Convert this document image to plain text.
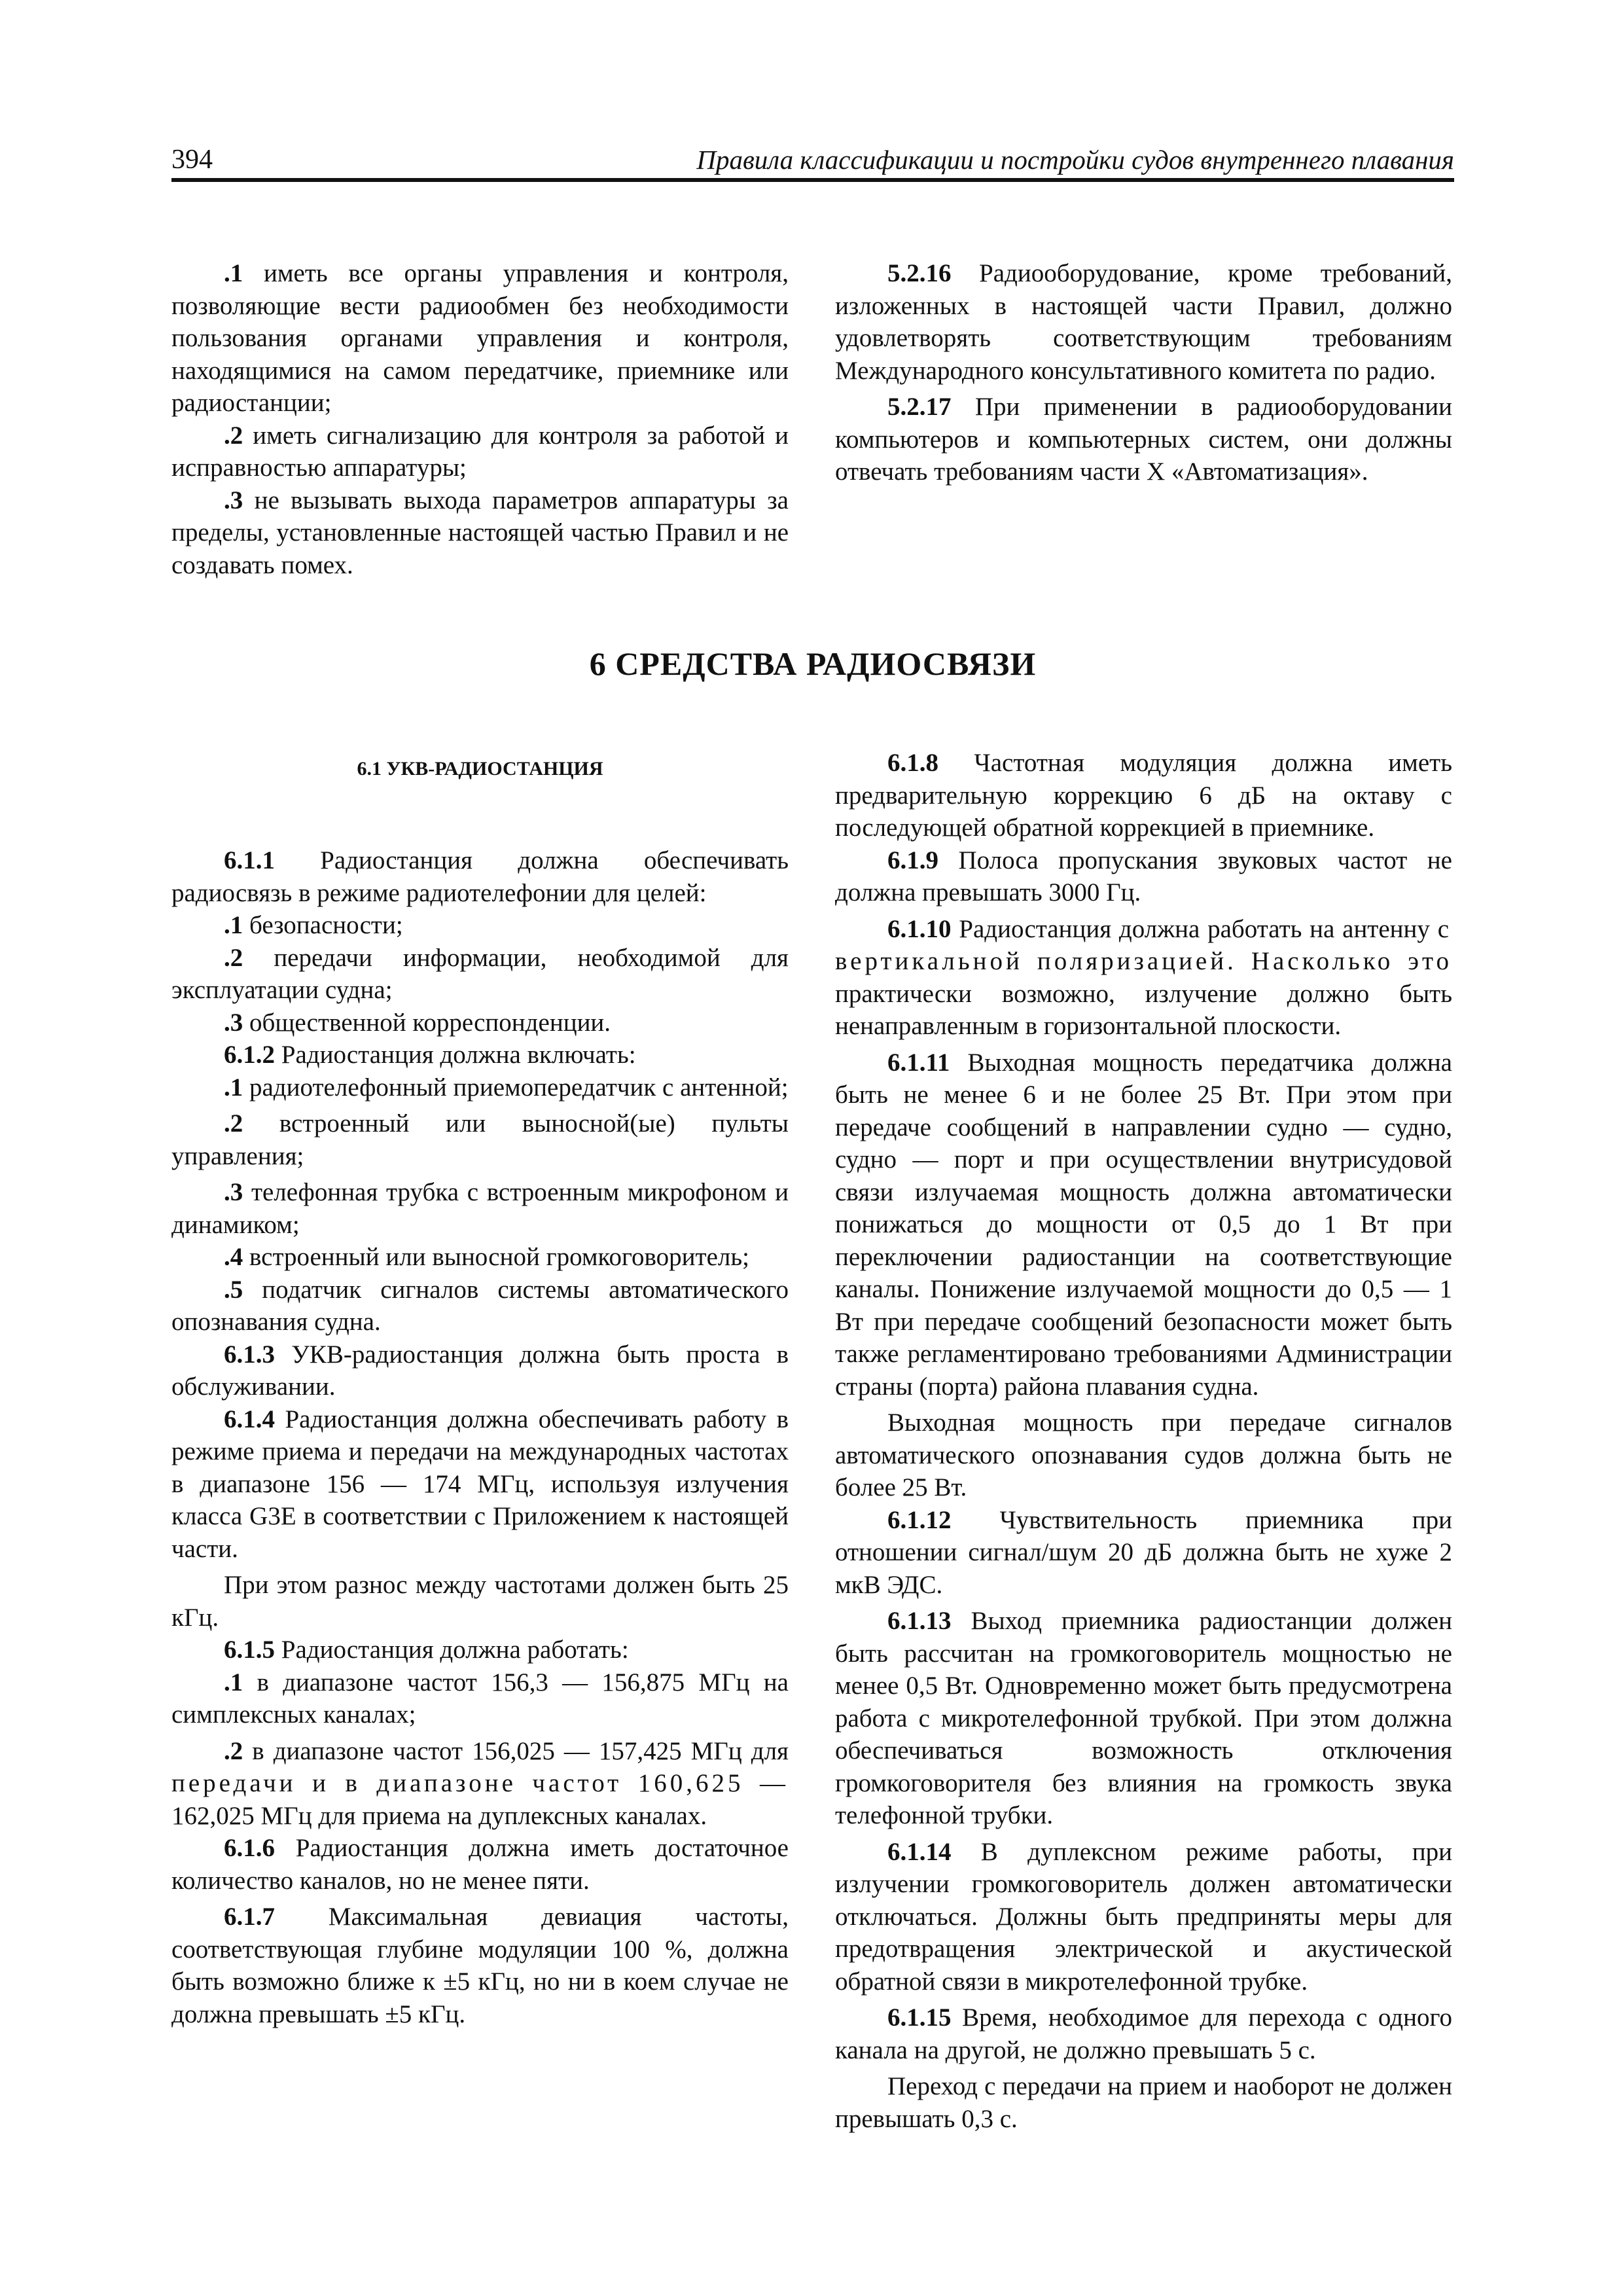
394	Правила классификации и постройки судов внутреннего плавания

.1 иметь все органы управления и контроля, позволяющие вести радиообмен без необходимости пользования органами управления и контроля, находящимися на самом передатчике, приемнике или радиостанции;

.2 иметь сигнализацию для контроля за работой и исправностью аппаратуры;

.3 не вызывать выхода параметров аппаратуры за пределы, установленные настоящей частью Правил и не создавать помех.

5.2.16 Радиооборудование, кроме требований, изложенных в настоящей части Правил, должно удовлетворять соответствующим требованиям Международного консультативного комитета по радио.

5.2.17 При применении в радиооборудовании компьютеров и компьютерных систем, они должны отвечать требованиям части X «Автоматизация».

6 СРЕДСТВА РАДИОСВЯЗИ
6.1 УКВ-РАДИОСТАНЦИЯ

6.1.1 Радиостанция должна обеспечивать радиосвязь в режиме радиотелефонии для целей:

.1 безопасности;

.2 передачи информации, необходимой для эксплуатации судна;

.3 общественной корреспонденции.

6.1.2 Радиостанция должна включать:

.1 радиотелефонный приемопередатчик с антенной;

.2 встроенный или выносной(ые) пульты управления;

.3 телефонная трубка с встроенным микрофоном и динамиком;

.4 встроенный или выносной громкоговоритель;

.5 податчик сигналов системы автоматического опознавания судна.

6.1.3 УКВ-радиостанция должна быть проста в обслуживании.

6.1.4 Радиостанция должна обеспечивать работу в режиме приема и передачи на международных частотах в диапазоне 156 — 174 МГц, используя излучения класса G3E в соответствии с Приложением к настоящей части.

При этом разнос между частотами должен быть 25 кГц.

6.1.5 Радиостанция должна работать:

.1 в диапазоне частот 156,3 — 156,875 МГц на симплексных каналах;

.2 в диапазоне частот 156,025 — 157,425 МГц для передачи и в диапазоне частот 160,625 — 162,025 МГц для приема на дуплексных каналах.

6.1.6 Радиостанция должна иметь достаточное количество каналов, но не менее пяти.

6.1.7 Максимальная девиация частоты, соответствующая глубине модуляции 100 %, должна быть возможно ближе к ±5 кГц, но ни в коем случае не должна превышать ±5 кГц.

6.1.8 Частотная модуляция должна иметь предварительную коррекцию 6 дБ на октаву с последующей обратной коррекцией в приемнике.

6.1.9 Полоса пропускания звуковых частот не должна превышать 3000 Гц.

6.1.10 Радиостанция должна работать на антенну с вертикальной поляризацией. Насколько это практически возможно, излучение должно быть ненаправленным в горизонтальной плоскости.

6.1.11 Выходная мощность передатчика должна быть не менее 6 и не более 25 Вт. При этом при передаче сообщений в направлении судно — судно, судно — порт и при осуществлении внутрисудовой связи излучаемая мощность должна автоматически понижаться до мощности от 0,5 до 1 Вт при переключении радиостанции на соответствующие каналы. Понижение излучаемой мощности до 0,5 — 1 Вт при передаче сообщений безопасности может быть также регламентировано требованиями Администрации страны (порта) района плавания судна.

Выходная мощность при передаче сигналов автоматического опознавания судов должна быть не более 25 Вт.

6.1.12 Чувствительность приемника при отношении сигнал/шум 20 дБ должна быть не хуже 2 мкВ ЭДС.

6.1.13 Выход приемника радиостанции должен быть рассчитан на громкоговоритель мощностью не менее 0,5 Вт. Одновременно может быть предусмотрена работа с микротелефонной трубкой. При этом должна обеспечиваться возможность отключения громкоговорителя без влияния на громкость звука телефонной трубки.

6.1.14 В дуплексном режиме работы, при излучении громкоговоритель должен автоматически отключаться. Должны быть предприняты меры для предотвращения электрической и акустической обратной связи в микротелефонной трубке.

6.1.15 Время, необходимое для перехода с одного канала на другой, не должно превышать 5 с.

Переход с передачи на прием и наоборот не должен превышать 0,3 с.
